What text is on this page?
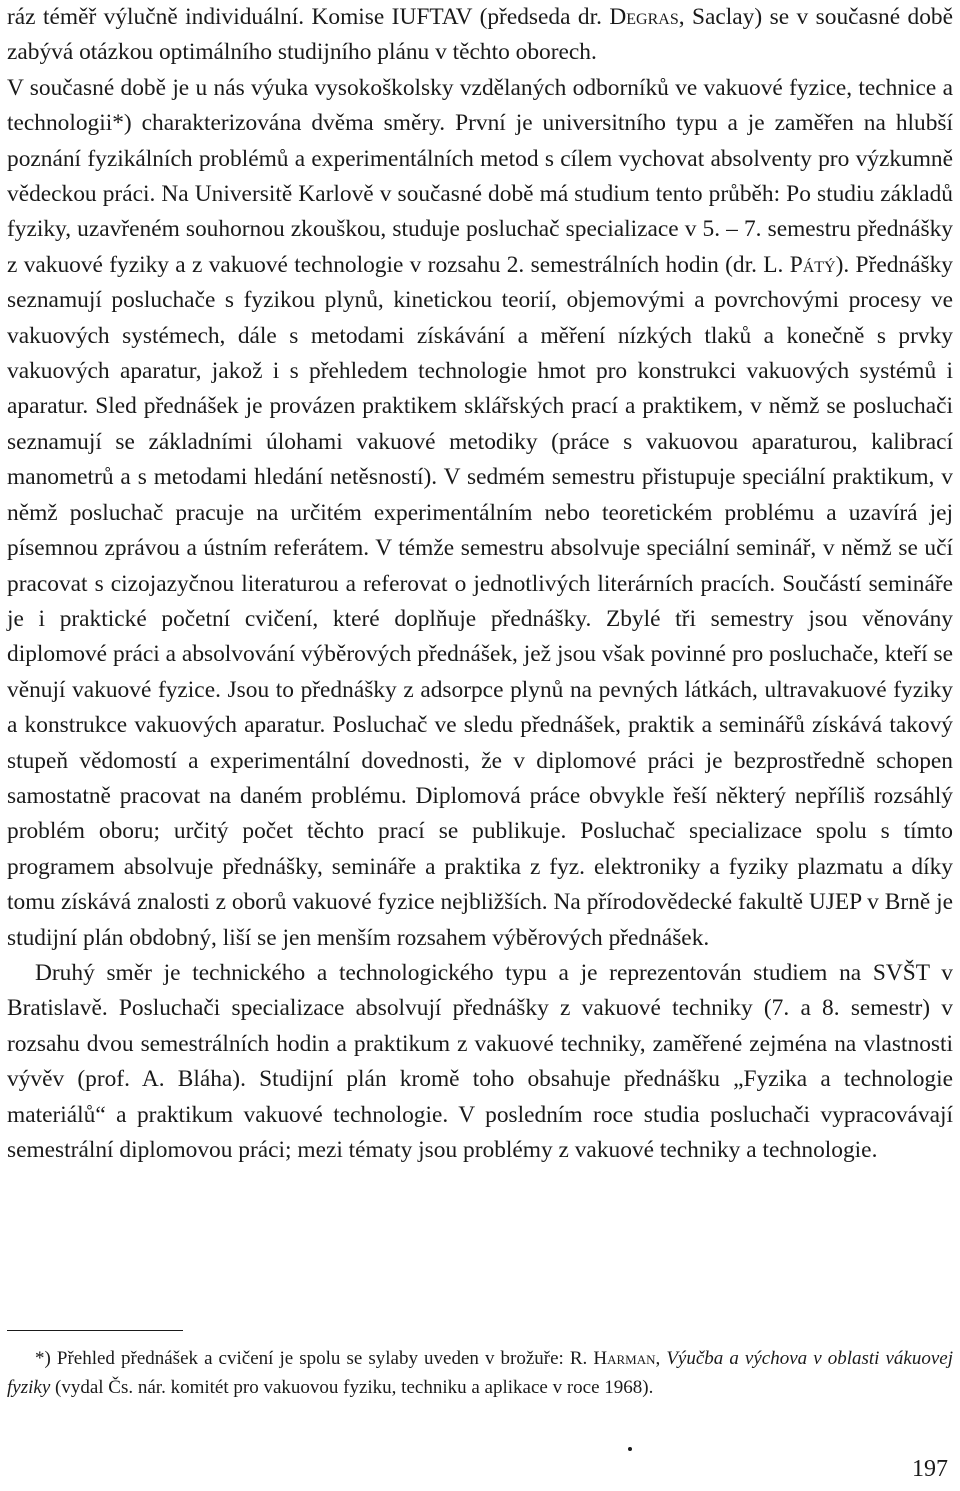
ráz téměř výlučně individuální. Komise IUFTAV (předseda dr. Degras, Saclay) se v současné době zabývá otázkou optimálního studijního plánu v těchto oborech.

V současné době je u nás výuka vysokoškolsky vzdělaných odborníků ve vakuové fyzice, technice a technologii*) charakterizována dvěma směry. První je universitního typu a je zaměřen na hlubší poznání fyzikálních problémů a experimentálních metod s cílem vychovat absolventy pro výzkumně vědeckou práci. Na Universitě Karlově v současné době má studium tento průběh: Po studiu základů fyziky, uzavřeném souhornou zkouškou, studuje posluchač specializace v 5. – 7. semestru přednášky z vakuové fyziky a z vakuové technologie v rozsahu 2. semestrálních hodin (dr. L. Pátý). Přednášky seznamují posluchače s fyzikou plynů, kinetickou teorií, objemovými a povrchovými procesy ve vakuových systémech, dále s metodami získávání a měření nízkých tlaků a konečně s prvky vakuových aparatur, jakož i s přehledem technologie hmot pro konstrukci vakuových systémů i aparatur. Sled přednášek je provázen praktikem sklářských prací a praktikem, v němž se posluchači seznamují se základními úlohami vakuové metodiky (práce s vakuovou aparaturou, kalibrací manometrů a s metodami hledání netěsností). V sedmém semestru přistupuje speciální praktikum, v němž posluchač pracuje na určitém experimentálním nebo teoretickém problému a uzavírá jej písemnou zprávou a ústním referátem. V témže semestru absolvuje speciální seminář, v němž se učí pracovat s cizojazyčnou literaturou a referovat o jednotlivých literárních pracích. Součástí semináře je i praktické početní cvičení, které doplňuje přednášky. Zbylé tři semestry jsou věnovány diplomové práci a absolvování výběrových přednášek, jež jsou však povinné pro posluchače, kteří se věnují vakuové fyzice. Jsou to přednášky z adsorpce plynů na pevných látkách, ultravakuové fyziky a konstrukce vakuových aparatur. Posluchač ve sledu přednášek, praktik a seminářů získává takový stupeň vědomostí a experimentální dovednosti, že v diplomové práci je bezprostředně schopen samostatně pracovat na daném problému. Diplomová práce obvykle řeší některý nepříliš rozsáhlý problém oboru; určitý počet těchto prací se publikuje. Posluchač specializace spolu s tímto programem absolvuje přednášky, semináře a praktika z fyz. elektroniky a fyziky plazmatu a díky tomu získává znalosti z oborů vakuové fyzice nejbližších. Na přírodovědecké fakultě UJEP v Brně je studijní plán obdobný, liší se jen menším rozsahem výběrových přednášek.

Druhý směr je technického a technologického typu a je reprezentován studiem na SVŠT v Bratislavě. Posluchači specializace absolvují přednášky z vakuové techniky (7. a 8. semestr) v rozsahu dvou semestrálních hodin a praktikum z vakuové techniky, zaměřené zejména na vlastnosti vývěv (prof. A. Bláha). Studijní plán kromě toho obsahuje přednášku „Fyzika a technologie materiálů“ a praktikum vakuové technologie. V posledním roce studia posluchači vypracovávají semestrální diplomovou práci; mezi tématy jsou problémy z vakuové techniky a technologie.

*) Přehled přednášek a cvičení je spolu se sylaby uveden v brožuře: R. Harman, Výučba a výchova v oblasti vákuovej fyziky (vydal Čs. nár. komitét pro vakuovou fyziku, techniku a aplikace v roce 1968).
197
